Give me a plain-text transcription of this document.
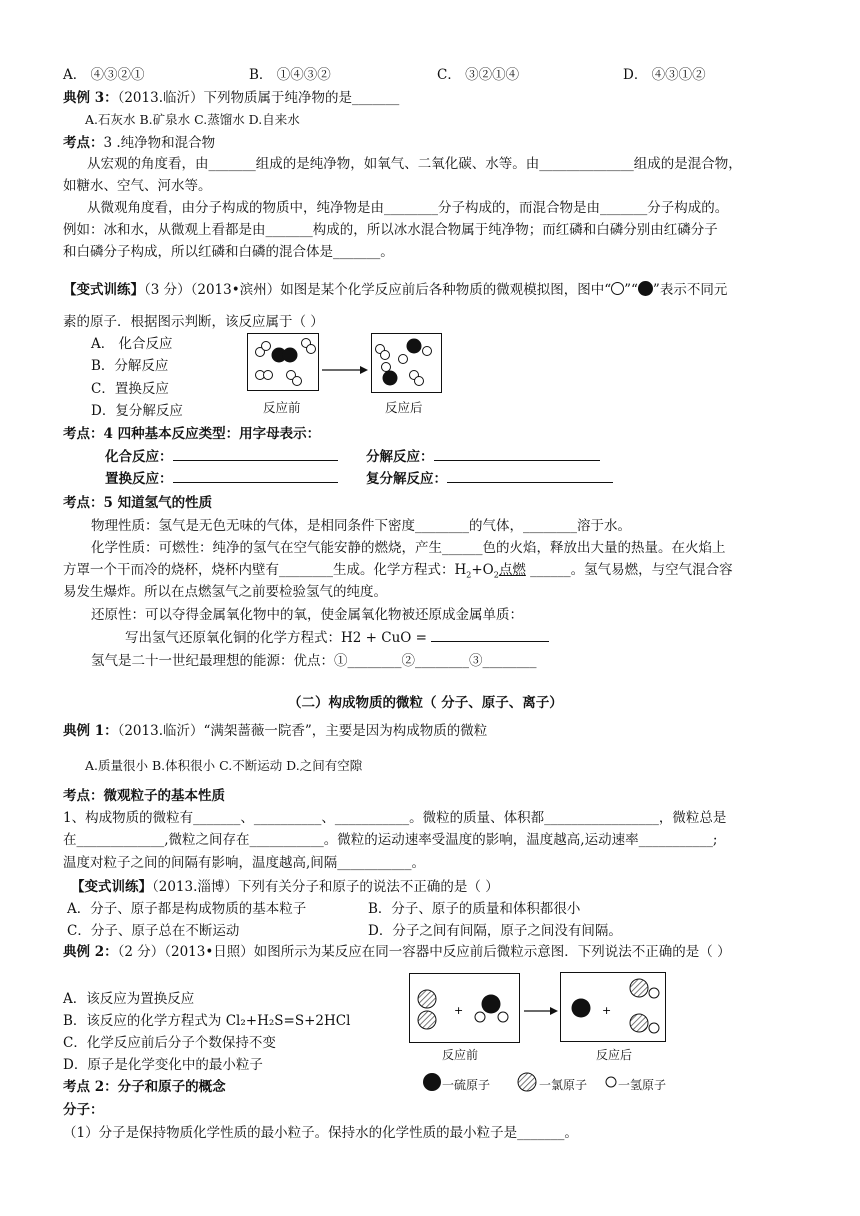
A． ④③②①	B． ①④③②	C． ③②①④	D． ④③①②
典例 3：（2013.临沂）下列物质属于纯净物的是_______
A.石灰水 B.矿泉水 C.蒸馏水 D.自来水
考点：3 .纯净物和混合物
从宏观的角度看，由_______组成的是纯净物，如氧气、二氧化碳、水等。由______________组成的是混合物，
如糖水、空气、河水等。
从微观角度看，由分子构成的物质中，纯净物是由________分子构成的，而混合物是由_______分子构成的。
例如：冰和水，从微观上看都是由_______构成的，所以冰水混合物属于纯净物；而红磷和白磷分别由红磷分子
和白磷分子构成，所以红磷和白磷的混合体是_______。
【变式训练】（3 分）（2013•滨州）如图是某个化学反应前后各种物质的微观模拟图，图中“ ”“ ”表示不同元
素的原子．根据图示判断，该反应属于（ ）
A． 化合反应
B．分解反应
C．置换反应
D．复分解反应	反应前	反应后
考点：4 四种基本反应类型：用字母表示：
化合反应：	分解反应：
置换反应：	复分解反应：
考点：5 知道氢气的性质
物理性质：氢气是无色无味的气体，是相同条件下密度________的气体，________溶于水。
化学性质：可燃性：纯净的氢气在空气能安静的燃烧，产生______色的火焰，释放出大量的热量。在火焰上
方罩一个干而冷的烧杯，烧杯内壁有________生成。化学方程式：$H_2+O_2$点燃 ______。氢气易燃，与空气混合容
易发生爆炸。所以在点燃氢气之前要检验氢气的纯度。
还原性：可以夺得金属氧化物中的氧，使金属氧化物被还原成金属单质：
写出氢气还原氧化铜的化学方程式：H2 + CuO =
氢气是二十一世纪最理想的能源：优点：①________②________③________
（二）构成物质的微粒（ 分子、原子、离子）
典例 1：（2013.临沂）“满架蔷薇一院香”，主要是因为构成物质的微粒
A.质量很小 B.体积很小 C.不断运动 D.之间有空隙
考点：微观粒子的基本性质
1、构成物质的微粒有_______、__________、___________。微粒的质量、体积都_________________，微粒总是
在_____________,微粒之间存在___________。微粒的运动速率受温度的影响，温度越高,运动速率___________;
温度对粒子之间的间隔有影响，温度越高,间隔___________。
【变式训练】（2013.淄博）下列有关分子和原子的说法不正确的是（ ）
A．分子、原子都是构成物质的基本粒子	B．分子、原子的质量和体积都很小
C．分子、原子总在不断运动	D．分子之间有间隔，原子之间没有间隔。
典例 2：（2 分）（2013•日照）如图所示为某反应在同一容器中反应前后微粒示意图．下列说法不正确的是（ ）
A．该反应为置换反应
B．该反应的化学方程式为 Cl₂+H₂S=S+2HCl
C．化学反应前后分子个数保持不变
D．原子是化学变化中的最小粒子
+	+
反应前	反应后
一硫原子	一氯原子	一氢原子
考点 2：分子和原子的概念
分子：
（1）分子是保持物质化学性质的最小粒子。保持水的化学性质的最小粒子是_______。
